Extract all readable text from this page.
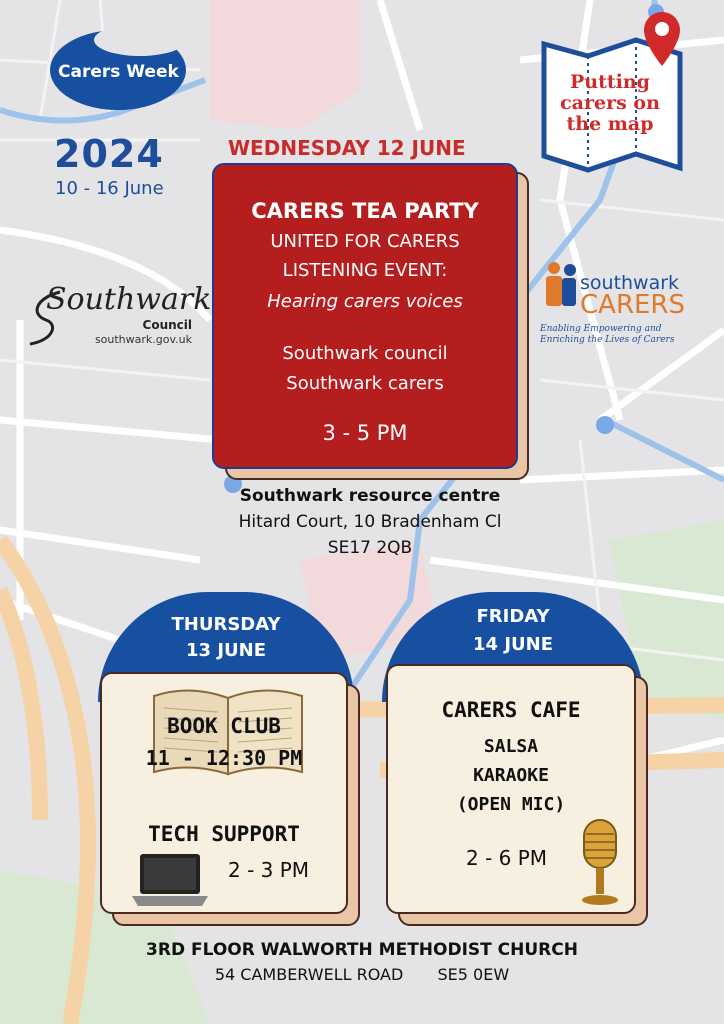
Carers Week
2024
10 - 16 June
Southwark
Council
southwark.gov.uk
Putting carers on the map
southwark
CARERS
Enabling Empowering and Enriching the Lives of Carers
WEDNESDAY 12 JUNE
CARERS TEA PARTY
UNITED FOR CARERS
LISTENING EVENT:
Hearing carers voices
Southwark council
Southwark carers
3 - 5 PM
Southwark resource centre
Hitard Court, 10 Bradenham Cl
SE17 2QB
THURSDAY
13 JUNE
BOOK CLUB
11 - 12:30 PM
TECH SUPPORT
2 - 3 PM
FRIDAY
14 JUNE
CARERS CAFE
SALSA
KARAOKE
(OPEN MIC)
2 - 6 PM
3RD FLOOR WALWORTH METHODIST CHURCH
54 CAMBERWELL ROAD SE5 0EW
